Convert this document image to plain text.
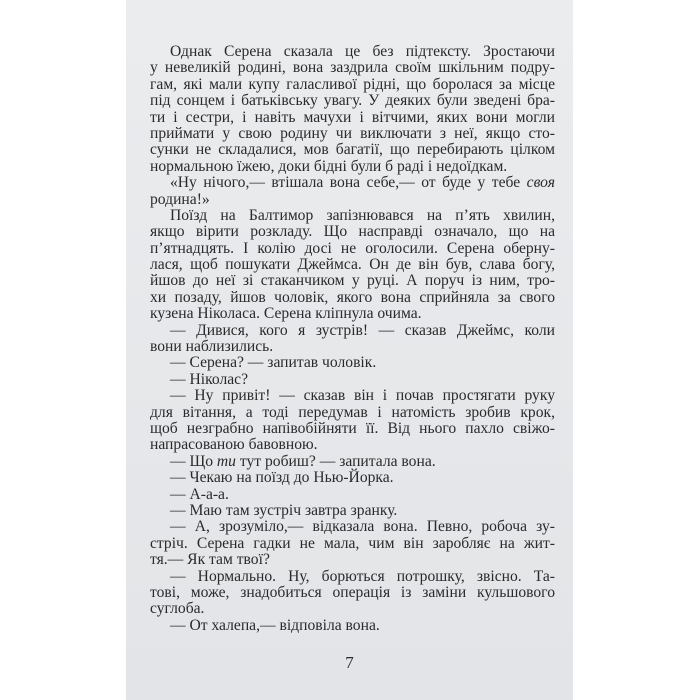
Однак Серена сказала це без підтексту. Зростаючи
у невеликій родині, вона заздрила своїм шкільним подру-
гам, які мали купу галасливої рідні, що боролася за місце
під сонцем і батьківську увагу. У деяких були зведені бра-
ти і сестри, і навіть мачухи і вітчими, яких вони могли
приймати у свою родину чи виключати з неї, якщо сто-
сунки не складалися, мов багатії, що перебирають цілком
нормальною їжею, доки бідні були б раді і недоїдкам.
«Ну нічого,— втішала вона себе,— от буде у тебе своя
родина!»
Поїзд на Балтимор запізнювався на п’ять хвилин,
якщо вірити розкладу. Що насправді означало, що на
п’ятнадцять. І колію досі не оголосили. Серена оберну-
лася, щоб пошукати Джеймса. Он де він був, слава богу,
йшов до неї зі стаканчиком у руці. А поруч із ним, тро-
хи позаду, йшов чоловік, якого вона сприйняла за свого
кузена Ніколаса. Серена кліпнула очима.
— Дивися, кого я зустрів! — сказав Джеймс, коли
вони наблизились.
— Серена? — запитав чоловік.
— Ніколас?
— Ну привіт! — сказав він і почав простягати руку
для вітання, а тоді передумав і натомість зробив крок,
щоб незграбно напівобійняти її. Від нього пахло свіжо-
напрасованою бавовною.
— Що ти тут робиш? — запитала вона.
— Чекаю на поїзд до Нью-Йорка.
— А-а-а.
— Маю там зустріч завтра зранку.
— А, зрозуміло,— відказала вона. Певно, робоча зу-
стріч. Серена гадки не мала, чим він заробляє на жит-
тя.— Як там твої?
— Нормально. Ну, борються потрошку, звісно. Та-
тові, може, знадобиться операція із заміни кульшового
суглоба.
— От халепа,— відповіла вона.
7
